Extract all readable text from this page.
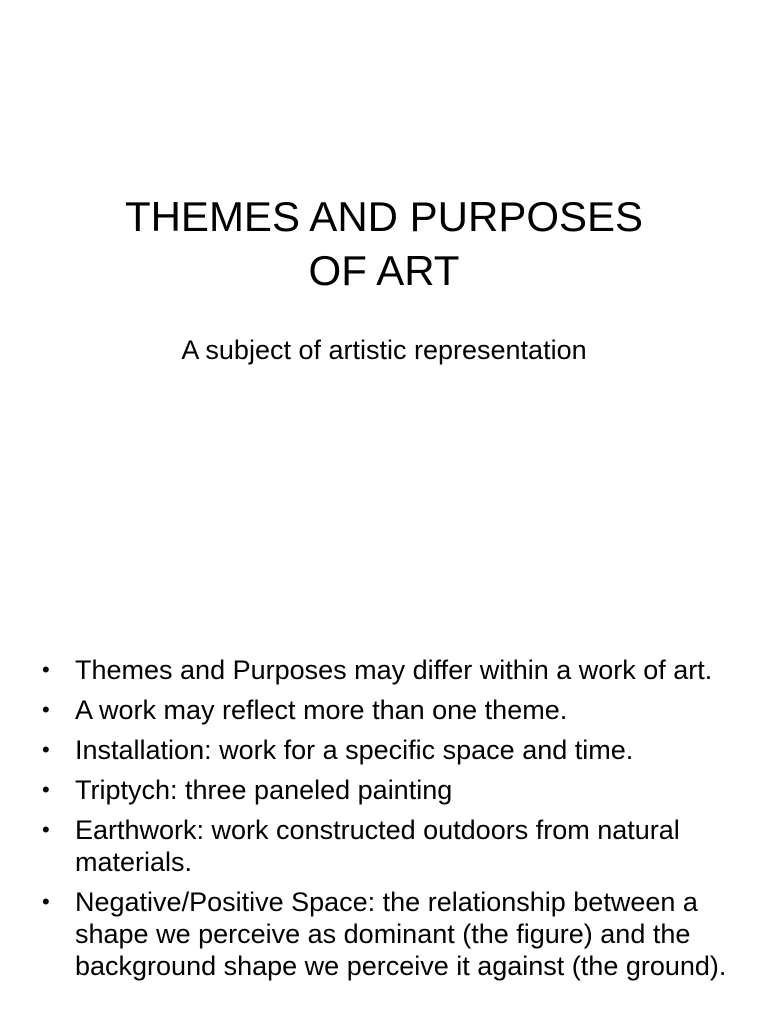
THEMES AND PURPOSES
OF ART

A subject of artistic representation

• Themes and Purposes may differ within a work of art.
• A work may reflect more than one theme.
• Installation: work for a specific space and time.
• Triptych: three paneled painting
• Earthwork: work constructed outdoors from natural materials.
• Negative/Positive Space: the relationship between a shape we perceive as dominant (the figure) and the background shape we perceive it against (the ground).
